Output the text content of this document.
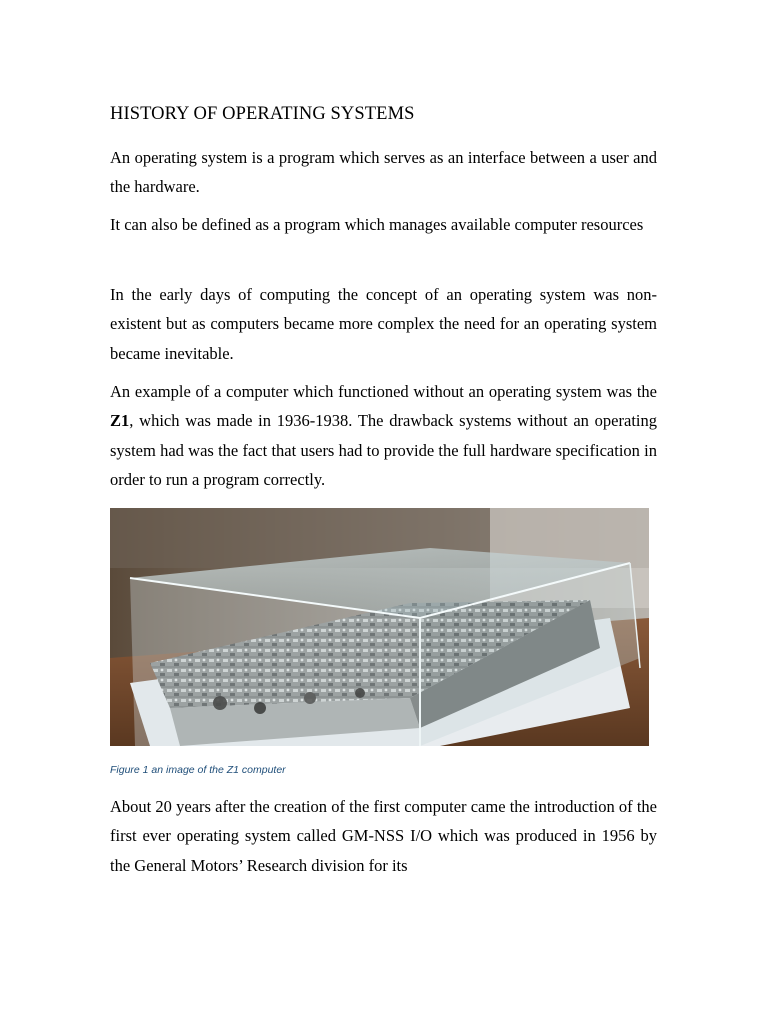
HISTORY OF OPERATING SYSTEMS

An operating system is a program which serves as an interface between a user and the hardware.

It can also be defined as a program which manages available computer resources

In the early days of computing the concept of an operating system was non-existent but as computers became more complex the need for an operating system became inevitable.

An example of a computer which functioned without an operating system was the Z1, which was made in 1936-1938. The drawback systems without an operating system had was the fact that users had to provide the full hardware specification in order to run a program correctly.

Figure 1 an image of the Z1 computer

About 20 years after the creation of the first computer came the introduction of the first ever operating system called GM-NSS I/O which was produced in 1956 by the General Motors’ Research division for its
